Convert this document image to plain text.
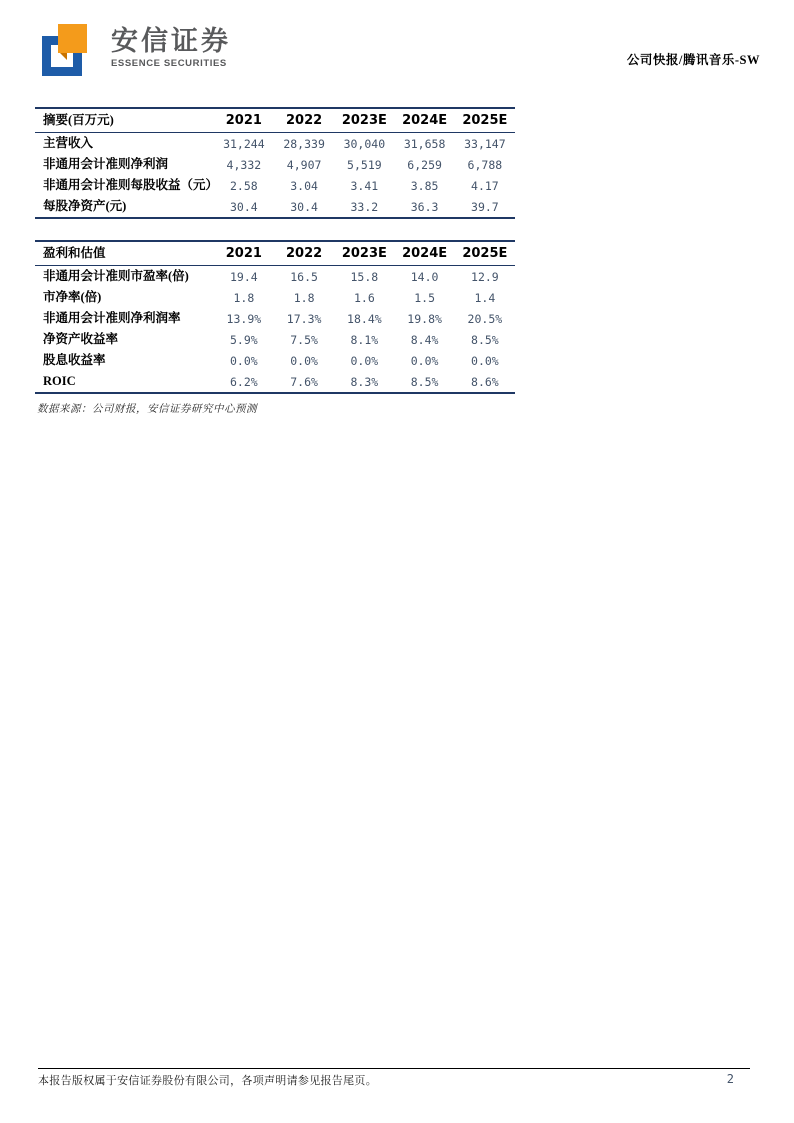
安信证券
ESSENCE SECURITIES	公司快报/腾讯音乐-SW
摘要(百万元)	2021	2022	2023E	2024E	2025E
主营收入	31,244	28,339	30,040	31,658	33,147
非通用会计准则净利润	4,332	4,907	5,519	6,259	6,788
非通用会计准则每股收益（元）	2.58	3.04	3.41	3.85	4.17
每股净资产(元)	30.4	30.4	33.2	36.3	39.7
盈利和估值	2021	2022	2023E	2024E	2025E
非通用会计准则市盈率(倍)	19.4	16.5	15.8	14.0	12.9
市净率(倍)	1.8	1.8	1.6	1.5	1.4
非通用会计准则净利润率	13.9%	17.3%	18.4%	19.8%	20.5%
净资产收益率	5.9%	7.5%	8.1%	8.4%	8.5%
股息收益率	0.0%	0.0%	0.0%	0.0%	0.0%
ROIC	6.2%	7.6%	8.3%	8.5%	8.6%
数据来源：公司财报，安信证券研究中心预测
本报告版权属于安信证券股份有限公司，各项声明请参见报告尾页。	2
